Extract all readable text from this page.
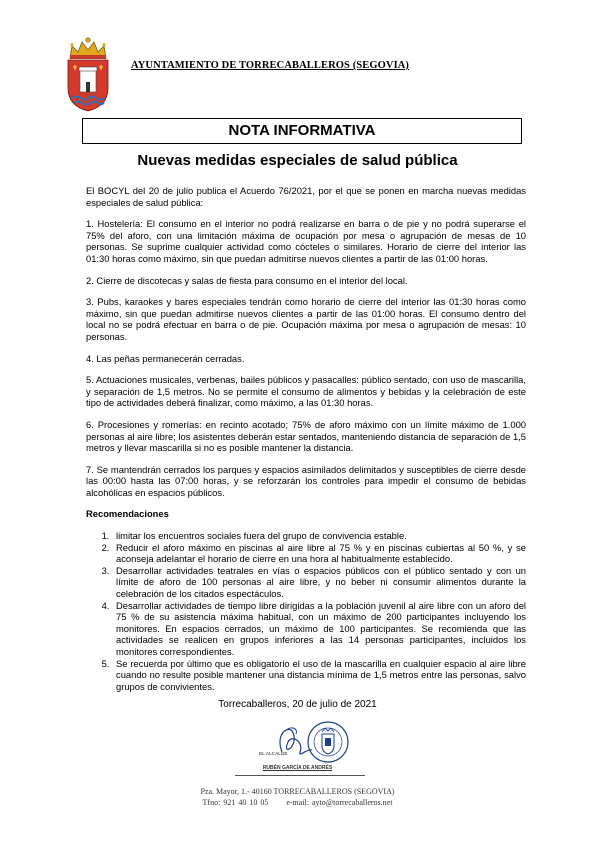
AYUNTAMIENTO DE TORRECABALLEROS (SEGOVIA)
NOTA INFORMATIVA
Nuevas medidas especiales de salud pública

El BOCYL del 20 de julio publica el Acuerdo 76/2021, por el que se ponen en marcha nuevas medidas especiales de salud pública:

1. Hostelería: El consumo en el interior no podrá realizarse en barra o de pie y no podrá superarse el 75% del aforo, con una limitación máxima de ocupación por mesa o agrupación de mesas de 10 personas. Se suprime cualquier actividad como cócteles o similares. Horario de cierre del interior las 01:30 horas como máximo, sin que puedan admitirse nuevos clientes a partir de las 01:00 horas.

2. Cierre de discotecas y salas de fiesta para consumo en el interior del local.

3. Pubs, karaokes y bares especiales tendrán como horario de cierre del interior las 01:30 horas como máximo, sin que puedan admitirse nuevos clientes a partir de las 01:00 horas. El consumo dentro del local no se podrá efectuar en barra o de pie. Ocupación máxima por mesa o agrupación de mesas: 10 personas.

4. Las peñas permanecerán cerradas.

5. Actuaciones musicales, verbenas, bailes públicos y pasacalles: público sentado, con uso de mascarilla, y separación de 1,5 metros. No se permite el consumo de alimentos y bebidas y la celebración de este tipo de actividades deberá finalizar, como máximo, a las 01:30 horas.

6. Procesiones y romerías: en recinto acotado; 75% de aforo máximo con un límite máximo de 1.000 personas al aire libre; los asistentes deberán estar sentados, manteniendo distancia de separación de 1,5 metros y llevar mascarilla si no es posible mantener la distancia.

7. Se mantendrán cerrados los parques y espacios asimilados delimitados y susceptibles de cierre desde las 00:00 hasta las 07:00 horas, y se reforzarán los controles para impedir el consumo de bebidas alcohólicas en espacios públicos.

Recomendaciones
1. limitar los encuentros sociales fuera del grupo de convivencia estable.
2. Reducir el aforo máximo en piscinas al aire libre al 75 % y en piscinas cubiertas al 50 %, y se aconseja adelantar el horario de cierre en una hora al habitualmente establecido.
3. Desarrollar actividades teatrales en vías o espacios públicos con el público sentado y con un límite de aforo de 100 personas al aire libre, y no beber ni consumir alimentos durante la celebración de los citados espectáculos.
4. Desarrollar actividades de tiempo libre dirigidas a la población juvenil al aire libre con un aforo del 75 % de su asistencia máxima habitual, con un máximo de 200 participantes incluyendo los monitores. En espacios cerrados, un máximo de 100 participantes. Se recomienda que las actividades se realicen en grupos inferiores a las 14 personas participantes, incluidos los monitores correspondientes.
5. Se recuerda por último que es obligatorio el uso de la mascarilla en cualquier espacio al aire libre cuando no resulte posible mantener una distancia mínima de 1,5 metros entre las personas, salvo grupos de convivientes.
Torrecaballeros, 20 de julio de 2021
EL ALCALDE
RUBÉN GARCÍA DE ANDRÉS
Pza. Mayor, 1.- 40160 TORRECABALLEROS (SEGOVIA)
Tfno: 921 40 10 05 e-mail: ayto@torrecaballeros.net
